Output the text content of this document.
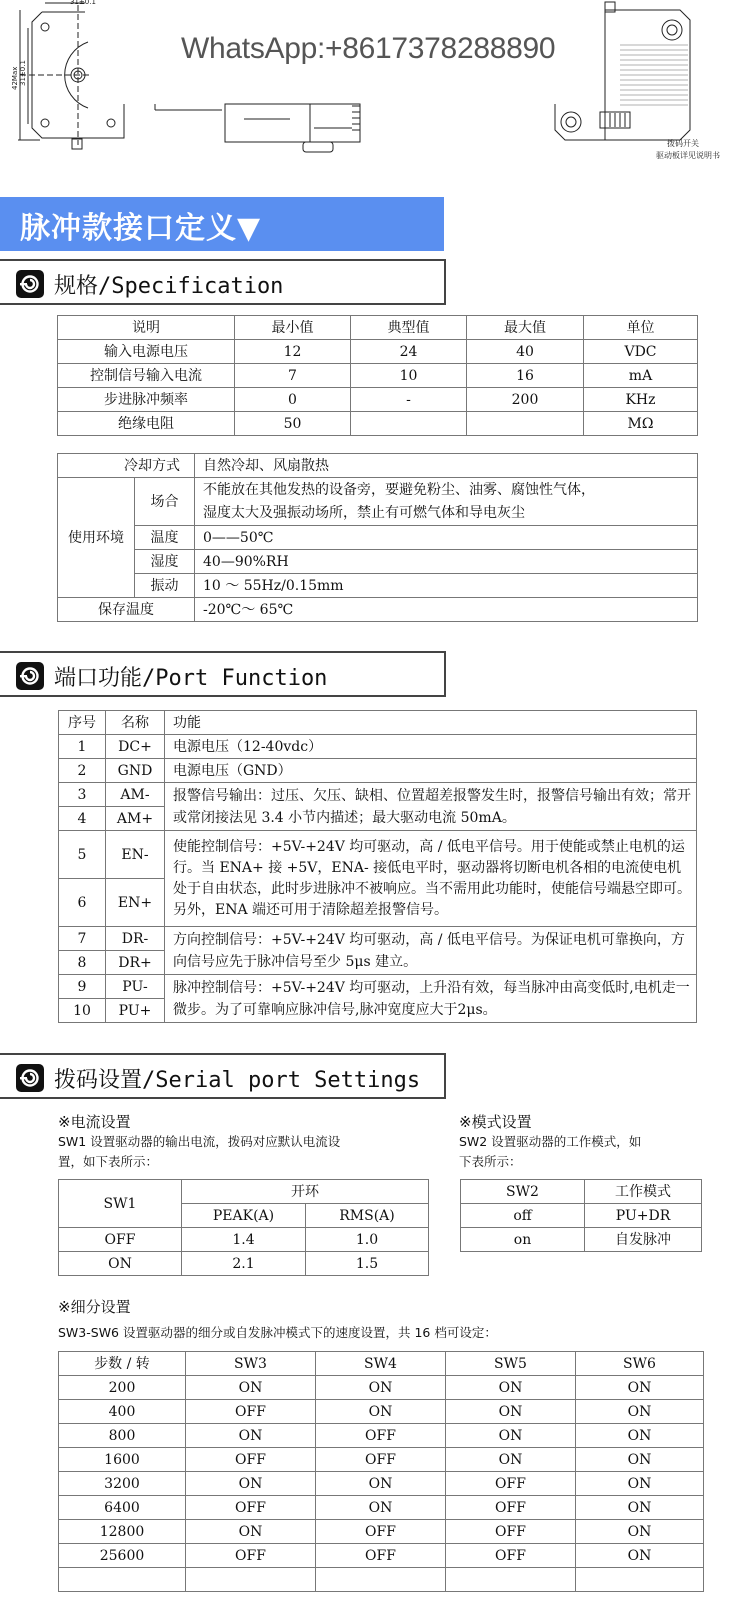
31±0.1
42Max 31±0.1
拨码开关
驱动板详见说明书
WhatsApp:+8617378288890
脉冲款接口定义▼
规格/Specification
说明	最小值	典型值	最大值	单位
输入电源电压	12	24	40	VDC
控制信号输入电流	7	10	16	mA
步进脉冲频率	0	-	200	KHz
绝缘电阻	50			MΩ
冷却方式		自然冷却、风扇散热
使用环境	场合	不能放在其他发热的设备旁，要避免粉尘、油雾、腐蚀性气体，
湿度太大及强振动场所，禁止有可燃气体和导电灰尘

	温度	0——50℃
	湿度	40—90%RH
	振动	10 ～ 55Hz/0.15mm
保存温度		-20℃～ 65℃
端口功能/Port Function
序号	名称	功能
1	DC+	电源电压（12-40vdc）
2	GND	电源电压（GND）
3	AM-	报警信号输出：过压、欠压、缺相、位置超差报警发生时，报警信号输出有效；常开或常闭接法见 3.4 小节内描述；最大驱动电流 50mA。
4	AM+	
5	EN-	使能控制信号：+5V-+24V 均可驱动，高 / 低电平信号。用于使能或禁止电机的运行。当 ENA+ 接 +5V，ENA- 接低电平时，驱动器将切断电机各相的电流使电机处于自由状态，此时步进脉冲不被响应。当不需用此功能时，使能信号端悬空即可。另外，ENA 端还可用于清除超差报警信号。
6	EN+	
7	DR-	方向控制信号：+5V-+24V 均可驱动，高 / 低电平信号。为保证电机可靠换向，方向信号应先于脉冲信号至少 5μs 建立。
8	DR+	
9	PU-	脉冲控制信号：+5V-+24V 均可驱动，上升沿有效，每当脉冲由高变低时,电机走一微步。为了可靠响应脉冲信号,脉冲宽度应大于2μs。
10	PU+	
拨码设置/Serial port Settings
※电流设置
SW1 设置驱动器的输出电流，拨码对应默认电流设
置，如下表所示：
SW1	开环	
	PEAK(A)	RMS(A)
OFF	1.4	1.0
ON	2.1	1.5
※模式设置
SW2 设置驱动器的工作模式，如
下表所示：
SW2	工作模式
off	PU+DR
on	自发脉冲
※细分设置
SW3-SW6 设置驱动器的细分或自发脉冲模式下的速度设置，共 16 档可设定：
步数 / 转	SW3	SW4	SW5	SW6
200	ON	ON	ON	ON
400	OFF	ON	ON	ON
800	ON	OFF	ON	ON
1600	OFF	OFF	ON	ON
3200	ON	ON	OFF	ON
6400	OFF	ON	OFF	ON
12800	ON	OFF	OFF	ON
25600	OFF	OFF	OFF	ON
